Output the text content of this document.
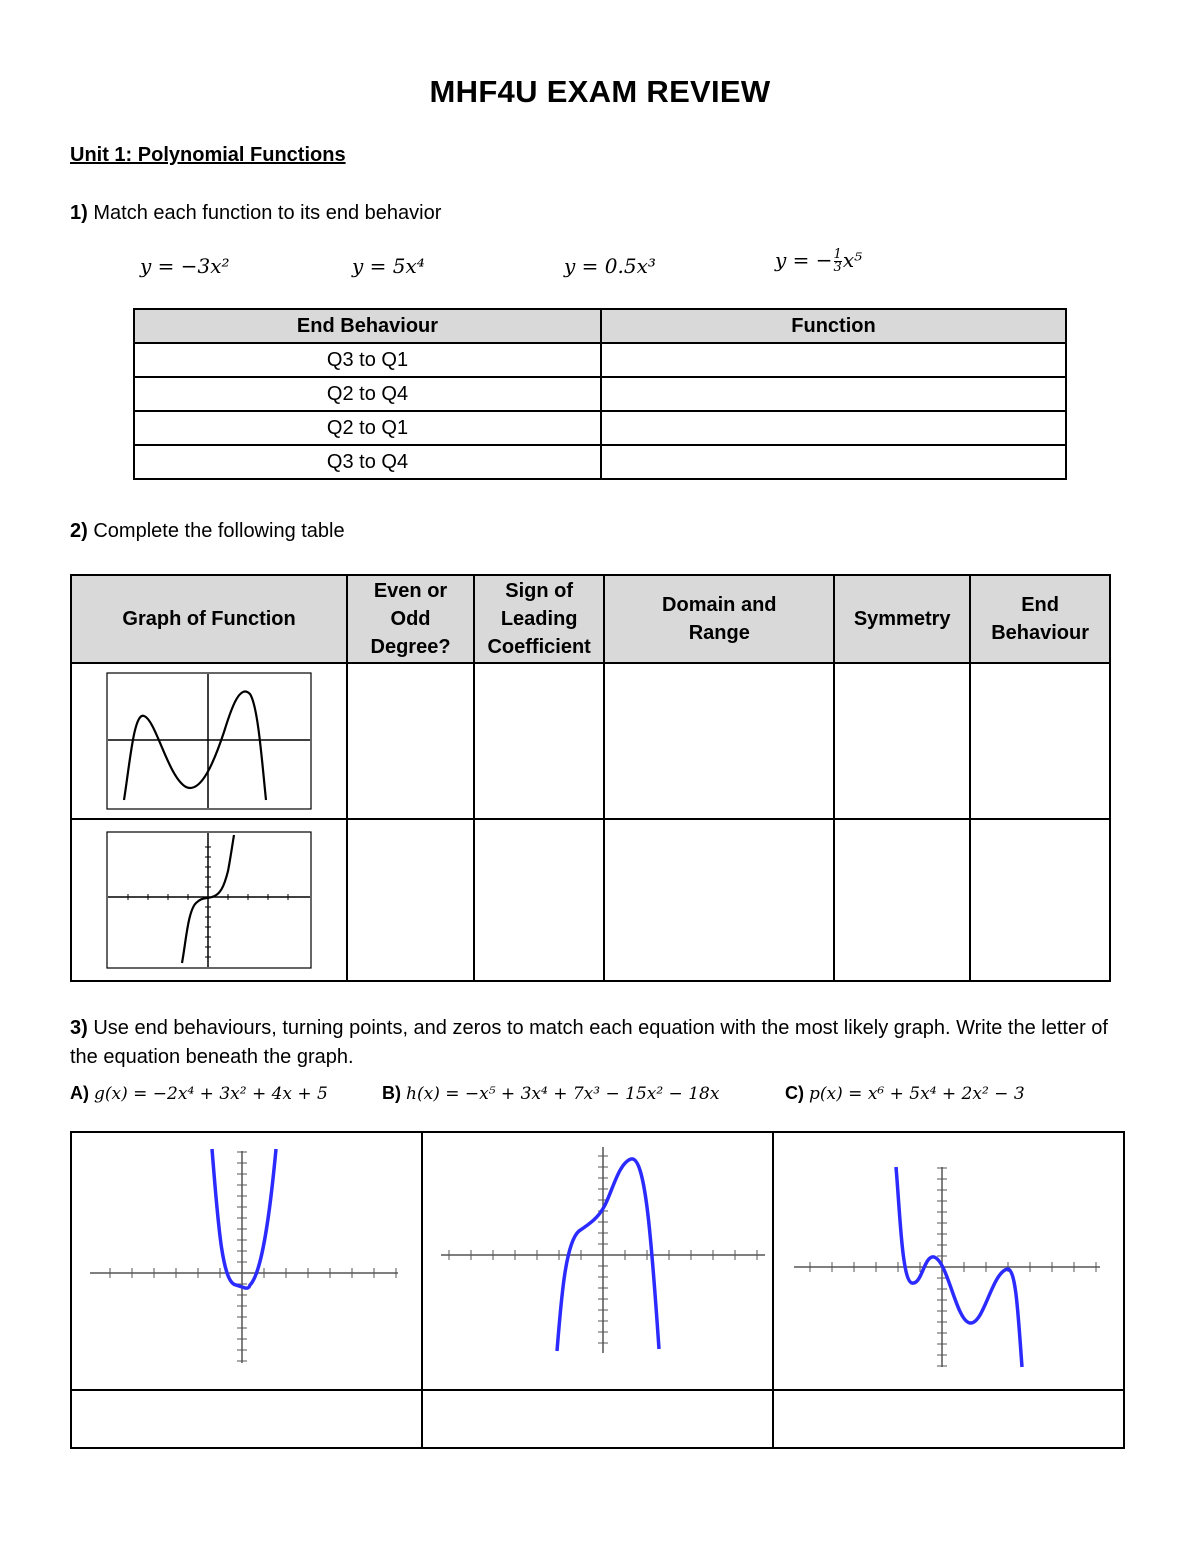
MHF4U EXAM REVIEW
Unit 1: Polynomial Functions
1) Match each function to its end behavior
y = −3x²	y = 5x⁴	y = 0.5x³	y = − $\frac{1}{3} x^5$
End Behaviour	Function
Q3 to Q1	
Q2 to Q4	
Q2 to Q1	
Q3 to Q4	
2) Complete the following table
Graph of Function	Even or Odd Degree?	Sign of Leading Coefficient	Domain and Range	Symmetry	End Behaviour

3) Use end behaviours, turning points, and zeros to match each equation with the most likely graph. Write the letter of the equation beneath the graph.
A) g(x) = −2x⁴ + 3x² + 4x + 5	B) h(x) = −x⁵ + 3x⁴ + 7x³ − 15x² − 18x	C) p(x) = x⁶ + 5x⁴ + 2x² − 3
